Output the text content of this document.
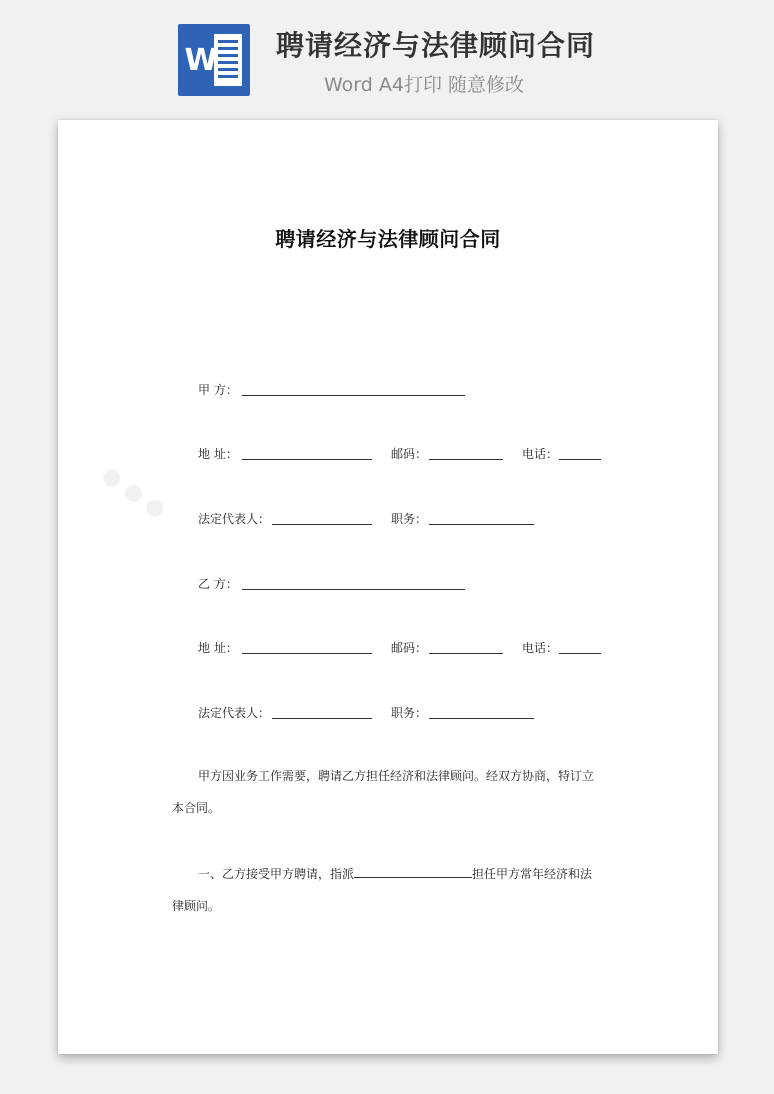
W 聘请经济与法律顾问合同
Word A4打印 随意修改
● ● ●
聘请经济与法律顾问合同
甲 方：
地 址：	邮码：	电话：
法定代表人：	职务：
乙 方：
地 址：	邮码：	电话：
法定代表人：	职务：
甲方因业务工作需要，聘请乙方担任经济和法律顾问。经双方协商，特订立本合同。
一、乙方接受甲方聘请，指派	担任甲方常年经济和法律顾问。
